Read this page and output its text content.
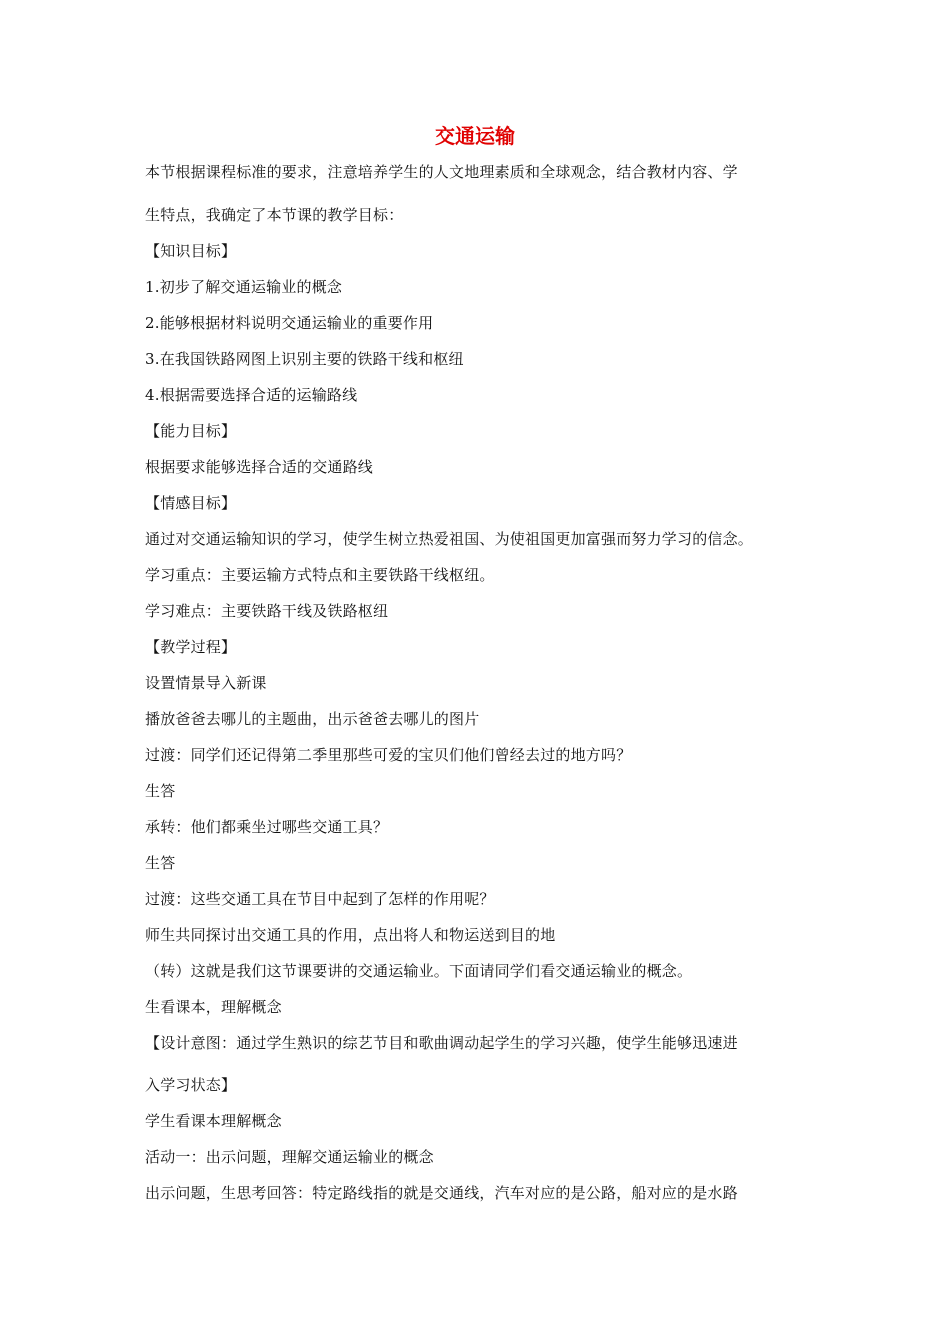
交通运输
本节根据课程标准的要求，注意培养学生的人文地理素质和全球观念，结合教材内容、学
生特点，我确定了本节课的教学目标：
【知识目标】
1.初步了解交通运输业的概念
2.能够根据材料说明交通运输业的重要作用
3.在我国铁路网图上识别主要的铁路干线和枢纽
4.根据需要选择合适的运输路线
【能力目标】
根据要求能够选择合适的交通路线
【情感目标】
通过对交通运输知识的学习，使学生树立热爱祖国、为使祖国更加富强而努力学习的信念。
学习重点：主要运输方式特点和主要铁路干线枢纽。
学习难点：主要铁路干线及铁路枢纽
【教学过程】
设置情景导入新课
播放爸爸去哪儿的主题曲，出示爸爸去哪儿的图片
过渡：同学们还记得第二季里那些可爱的宝贝们他们曾经去过的地方吗？
生答
承转：他们都乘坐过哪些交通工具？
生答
过渡：这些交通工具在节目中起到了怎样的作用呢？
师生共同探讨出交通工具的作用，点出将人和物运送到目的地
（转）这就是我们这节课要讲的交通运输业。下面请同学们看交通运输业的概念。
生看课本，理解概念
【设计意图：通过学生熟识的综艺节目和歌曲调动起学生的学习兴趣，使学生能够迅速进
入学习状态】
学生看课本理解概念
活动一：出示问题，理解交通运输业的概念
出示问题，生思考回答：特定路线指的就是交通线，汽车对应的是公路，船对应的是水路
